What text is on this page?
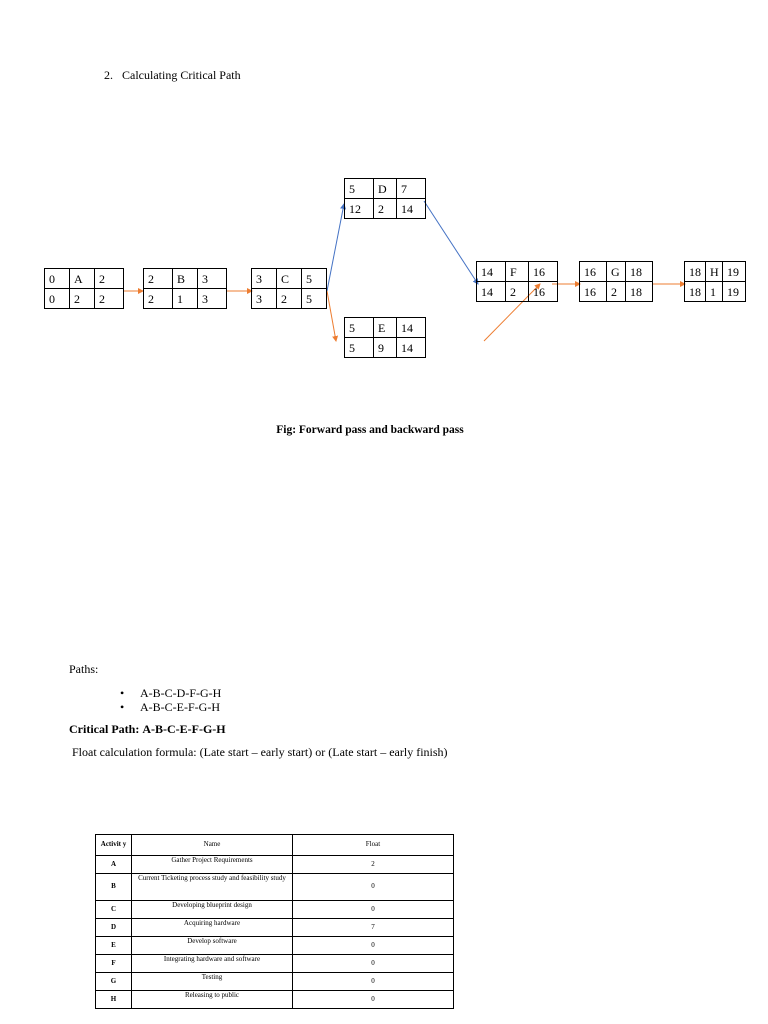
2. Calculating Critical Path
0	A	2
0	2	2
2	B	3
2	1	3
3	C	5
3	2	5
5	D	7
12	2	14
5	E	14
5	9	14
14	F	16
14	2	16
16	G	18
16	2	18
18	H	19
18	1	19
Fig: Forward pass and backward pass
Paths:
• A-B-C-D-F-G-H
• A-B-C-E-F-G-H
Critical Path: A-B-C-E-F-G-H
Float calculation formula: (Late start – early start) or (Late start – early finish)
Activit y	Name	Float
A	Gather Project Requirements	2
B	Current Ticketing process study and feasibility study	0
C	Developing blueprint design	0
D	Acquiring hardware	7
E	Develop software	0
F	Integrating hardware and software	0
G	Testing	0
H	Releasing to public	0
